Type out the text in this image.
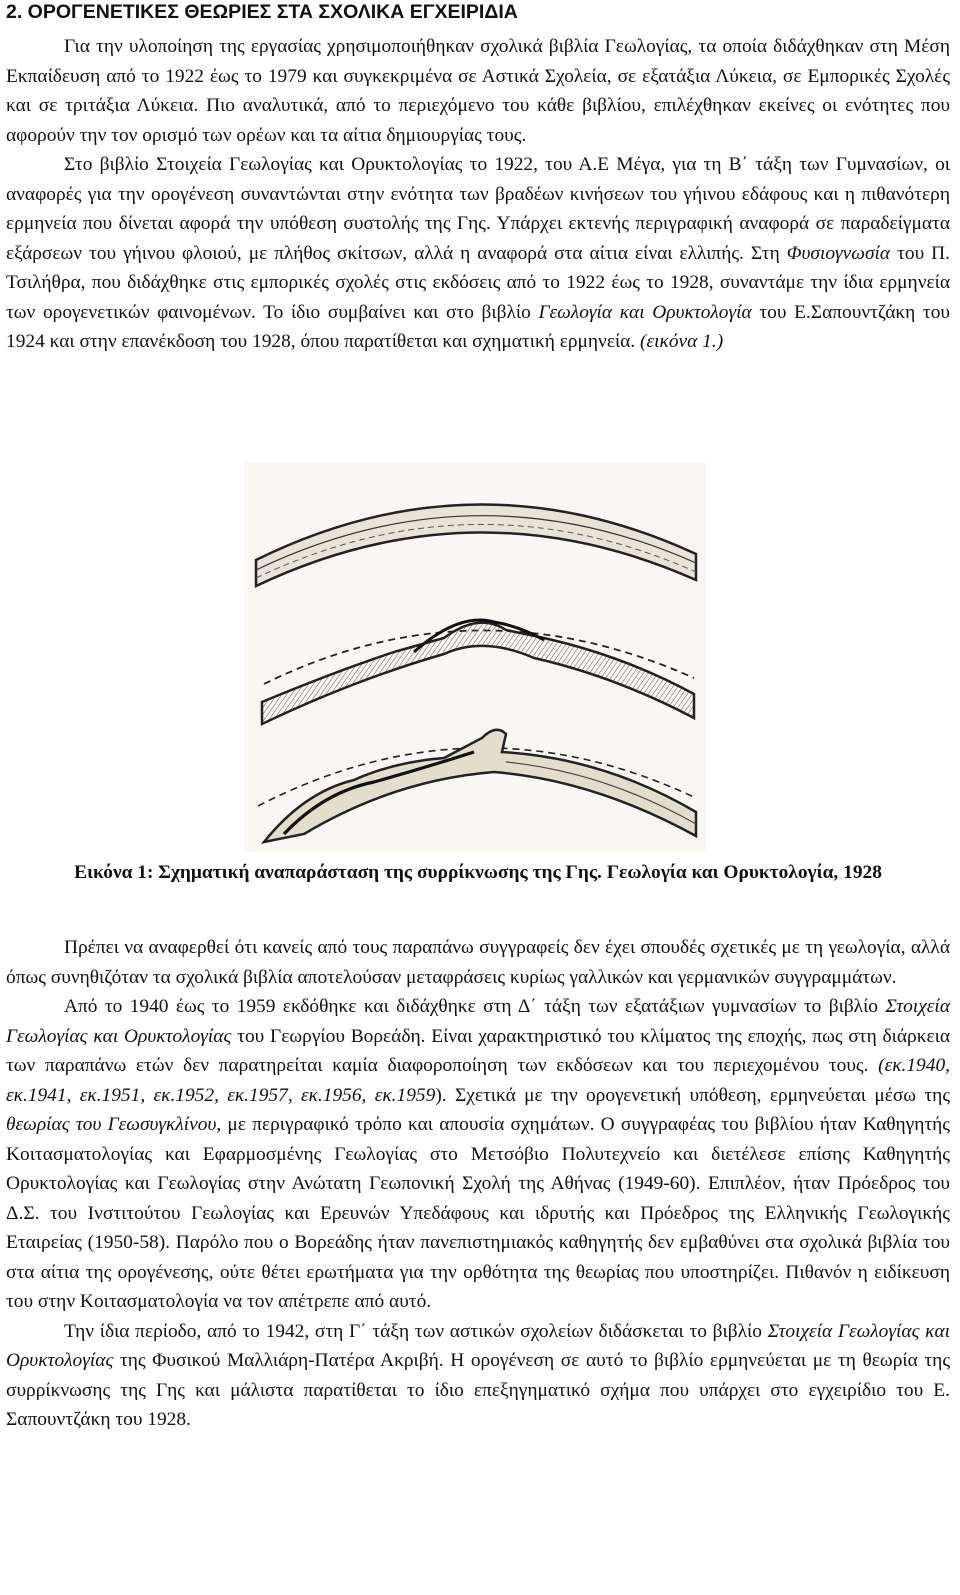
2. ΟΡΟΓΕΝΕΤΙΚΕΣ ΘΕΩΡΙΕΣ ΣΤΑ ΣΧΟΛΙΚΑ ΕΓΧΕΙΡΙΔΙΑ

Για την υλοποίηση της εργασίας χρησιμοποιήθηκαν σχολικά βιβλία Γεωλογίας, τα οποία διδάχθηκαν στη Μέση Εκπαίδευση από το 1922 έως το 1979 και συγκεκριμένα σε Αστικά Σχολεία, σε εξατάξια Λύκεια, σε Εμπορικές Σχολές και σε τριτάξια Λύκεια. Πιο αναλυτικά, από το περιεχόμενο του κάθε βιβλίου, επιλέχθηκαν εκείνες οι ενότητες που αφορούν την τον ορισμό των ορέων και τα αίτια δημιουργίας τους.

Στο βιβλίο Στοιχεία Γεωλογίας και Ορυκτολογίας το 1922, του Α.Ε Μέγα, για τη Β΄ τάξη των Γυμνασίων, οι αναφορές για την ορογένεση συναντώνται στην ενότητα των βραδέων κινήσεων του γήινου εδάφους και η πιθανότερη ερμηνεία που δίνεται αφορά την υπόθεση συστολής της Γης. Υπάρχει εκτενής περιγραφική αναφορά σε παραδείγματα εξάρσεων του γήινου φλοιού, με πλήθος σκίτσων, αλλά η αναφορά στα αίτια είναι ελλιπής. Στη Φυσιογνωσία του Π. Τσιλήθρα, που διδάχθηκε στις εμπορικές σχολές στις εκδόσεις από το 1922 έως το 1928, συναντάμε την ίδια ερμηνεία των ορογενετικών φαινομένων. Το ίδιο συμβαίνει και στο βιβλίο Γεωλογία και Ορυκτολογία του Ε.Σαπουντζάκη του 1924 και στην επανέκδοση του 1928, όπου παρατίθεται και σχηματική ερμηνεία. (εικόνα 1.)

Εικόνα 1: Σχηματική αναπαράσταση της συρρίκνωσης της Γης. Γεωλογία και Ορυκτολογία, 1928

Πρέπει να αναφερθεί ότι κανείς από τους παραπάνω συγγραφείς δεν έχει σπουδές σχετικές με τη γεωλογία, αλλά όπως συνηθιζόταν τα σχολικά βιβλία αποτελούσαν μεταφράσεις κυρίως γαλλικών και γερμανικών συγγραμμάτων.

Από το 1940 έως το 1959 εκδόθηκε και διδάχθηκε στη Δ΄ τάξη των εξατάξιων γυμνασίων το βιβλίο Στοιχεία Γεωλογίας και Ορυκτολογίας του Γεωργίου Βορεάδη. Είναι χαρακτηριστικό του κλίματος της εποχής, πως στη διάρκεια των παραπάνω ετών δεν παρατηρείται καμία διαφοροποίηση των εκδόσεων και του περιεχομένου τους. (εκ.1940, εκ.1941, εκ.1951, εκ.1952, εκ.1957, εκ.1956, εκ.1959). Σχετικά με την ορογενετική υπόθεση, ερμηνεύεται μέσω της θεωρίας του Γεωσυγκλίνου, με περιγραφικό τρόπο και απουσία σχημάτων. Ο συγγραφέας του βιβλίου ήταν Καθηγητής Κοιτασματολογίας και Εφαρμοσμένης Γεωλογίας στο Μετσόβιο Πολυτεχνείο και διετέλεσε επίσης Καθηγητής Ορυκτολογίας και Γεωλογίας στην Ανώτατη Γεωπονική Σχολή της Αθήνας (1949-60). Επιπλέον, ήταν Πρόεδρος του Δ.Σ. του Ινστιτούτου Γεωλογίας και Ερευνών Υπεδάφους και ιδρυτής και Πρόεδρος της Ελληνικής Γεωλογικής Εταιρείας (1950-58). Παρόλο που ο Βορεάδης ήταν πανεπιστημιακός καθηγητής δεν εμβαθύνει στα σχολικά βιβλία του στα αίτια της ορογένεσης, ούτε θέτει ερωτήματα για την ορθότητα της θεωρίας που υποστηρίζει. Πιθανόν η ειδίκευση του στην Κοιτασματολογία να τον απέτρεπε από αυτό.

Την ίδια περίοδο, από το 1942, στη Γ΄ τάξη των αστικών σχολείων διδάσκεται το βιβλίο Στοιχεία Γεωλογίας και Ορυκτολογίας της Φυσικού Μαλλιάρη-Πατέρα Ακριβή. Η ορογένεση σε αυτό το βιβλίο ερμηνεύεται με τη θεωρία της συρρίκνωσης της Γης και μάλιστα παρατίθεται το ίδιο επεξηγηματικό σχήμα που υπάρχει στο εγχειρίδιο του Ε. Σαπουντζάκη του 1928.
